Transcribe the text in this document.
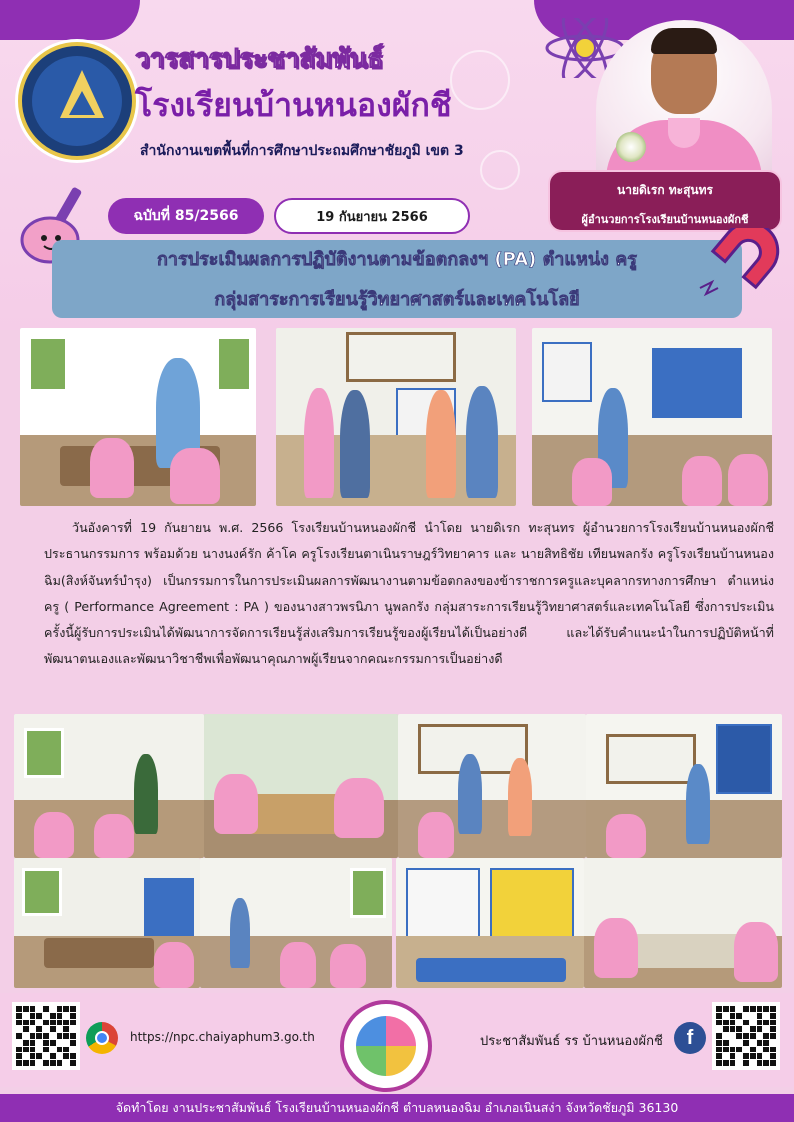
วารสารประชาสัมพันธ์
โรงเรียนบ้านหนองผักชี
สำนักงานเขตพื้นที่การศึกษาประถมศึกษาชัยภูมิ เขต 3
นายดิเรก ทะสุนทร
ผู้อำนวยการโรงเรียนบ้านหนองผักชี
ฉบับที่ 85/2566	19 กันยายน 2566
การประเมินผลการปฏิบัติงานตามข้อตกลงฯ (PA) ตำแหน่ง ครู
กลุ่มสาระการเรียนรู้วิทยาศาสตร์และเทคโนโลยี
วันอังคารที่ 19 กันยายน พ.ศ. 2566 โรงเรียนบ้านหนองผักชี นำโดย นายดิเรก ทะสุนทร ผู้อำนวยการโรงเรียนบ้านหนองผักชี ประธานกรรมการ พร้อมด้วย นางนงค์รัก ค้าโค ครูโรงเรียนตาเนินราษฎร์วิทยาคาร และ นายสิทธิชัย เทียนพลกรัง ครูโรงเรียนบ้านหนองฉิม(สิงห์จันทร์บำรุง) เป็นกรรมการในการประเมินผลการพัฒนางานตามข้อตกลงของข้าราชการครูและบุคลากรทางการศึกษา ตำแหน่ง ครู ( Performance Agreement : PA ) ของนางสาวพรนิภา นูพลกรัง กลุ่มสาระการเรียนรู้วิทยาศาสตร์และเทคโนโลยี ซึ่งการประเมินครั้งนี้ผู้รับการประเมินได้พัฒนาการจัดการเรียนรู้ส่งเสริมการเรียนรู้ของผู้เรียนได้เป็นอย่างดี และได้รับคำแนะนำในการปฏิบัติหน้าที่ พัฒนาตนเองและพัฒนาวิชาชีพเพื่อพัฒนาคุณภาพผู้เรียนจากคณะกรรมการเป็นอย่างดี
https://npc.chaiyaphum3.go.th	ประชาสัมพันธ์ รร บ้านหนองผักชี	f
จัดทำโดย งานประชาสัมพันธ์ โรงเรียนบ้านหนองผักชี ตำบลหนองฉิม อำเภอเนินสง่า จังหวัดชัยภูมิ 36130
